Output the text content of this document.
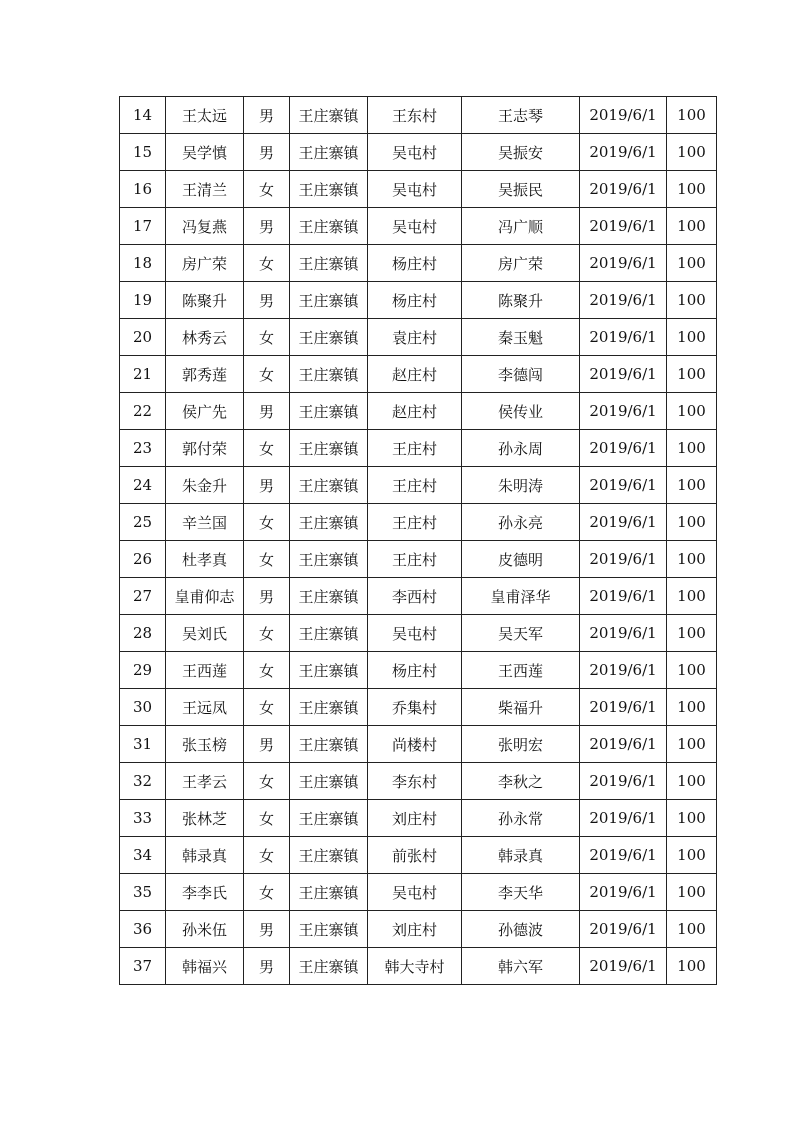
14	王太远	男	王庄寨镇	王东村	王志琴	2019/6/1	100
15	吴学慎	男	王庄寨镇	吴屯村	吴振安	2019/6/1	100
16	王清兰	女	王庄寨镇	吴屯村	吴振民	2019/6/1	100
17	冯复燕	男	王庄寨镇	吴屯村	冯广顺	2019/6/1	100
18	房广荣	女	王庄寨镇	杨庄村	房广荣	2019/6/1	100
19	陈聚升	男	王庄寨镇	杨庄村	陈聚升	2019/6/1	100
20	林秀云	女	王庄寨镇	袁庄村	秦玉魁	2019/6/1	100
21	郭秀莲	女	王庄寨镇	赵庄村	李德闯	2019/6/1	100
22	侯广先	男	王庄寨镇	赵庄村	侯传业	2019/6/1	100
23	郭付荣	女	王庄寨镇	王庄村	孙永周	2019/6/1	100
24	朱金升	男	王庄寨镇	王庄村	朱明涛	2019/6/1	100
25	辛兰国	女	王庄寨镇	王庄村	孙永亮	2019/6/1	100
26	杜孝真	女	王庄寨镇	王庄村	皮德明	2019/6/1	100
27	皇甫仰志	男	王庄寨镇	李西村	皇甫泽华	2019/6/1	100
28	吴刘氏	女	王庄寨镇	吴屯村	吴天军	2019/6/1	100
29	王西莲	女	王庄寨镇	杨庄村	王西莲	2019/6/1	100
30	王远凤	女	王庄寨镇	乔集村	柴福升	2019/6/1	100
31	张玉榜	男	王庄寨镇	尚楼村	张明宏	2019/6/1	100
32	王孝云	女	王庄寨镇	李东村	李秋之	2019/6/1	100
33	张林芝	女	王庄寨镇	刘庄村	孙永常	2019/6/1	100
34	韩录真	女	王庄寨镇	前张村	韩录真	2019/6/1	100
35	李李氏	女	王庄寨镇	吴屯村	李天华	2019/6/1	100
36	孙米伍	男	王庄寨镇	刘庄村	孙德波	2019/6/1	100
37	韩福兴	男	王庄寨镇	韩大寺村	韩六军	2019/6/1	100
